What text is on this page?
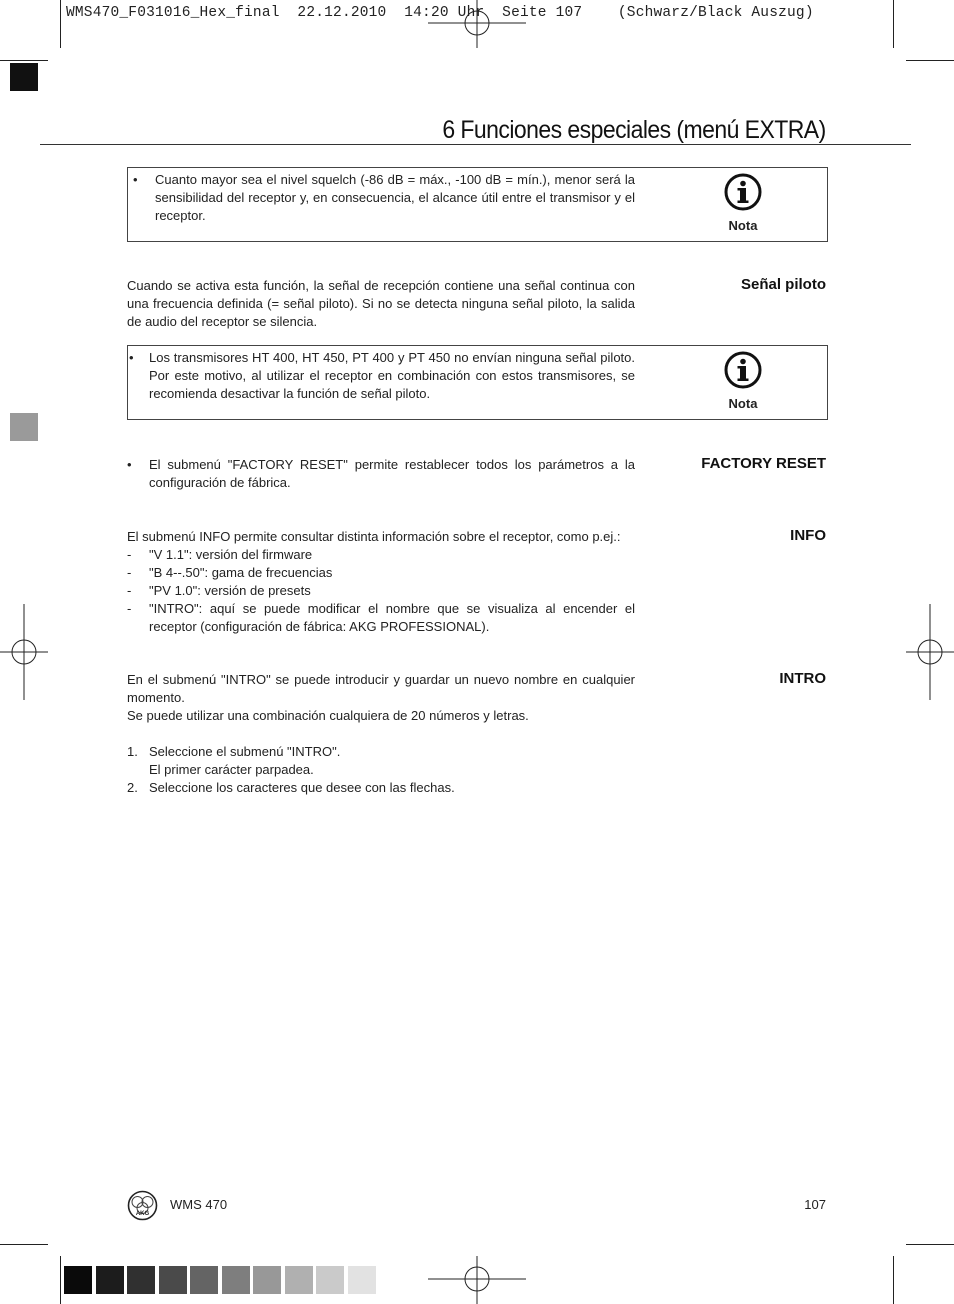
WMS470_F031016_Hex_final  22.12.2010  14:20 Uhr  Seite 107    (Schwarz/Black Auszug)
6 Funciones especiales (menú EXTRA)
• Cuanto mayor sea el nivel squelch (-86 dB = máx., -100 dB = mín.), menor será la sensibilidad del receptor y, en consecuencia, el alcance útil entre el transmisor y el receptor.
Nota
Señal piloto
Cuando se activa esta función, la señal de recepción contiene una señal continua con una frecuencia definida (= señal piloto). Si no se detecta ninguna señal piloto, la salida de audio del receptor se silencia.
• Los transmisores HT 400, HT 450, PT 400 y PT 450 no envían ninguna señal piloto. Por este motivo, al utilizar el receptor en combinación con estos transmisores, se recomienda desactivar la función de señal piloto.
Nota
FACTORY RESET
• El submenú "FACTORY RESET" permite restablecer todos los parámetros a la configuración de fábrica.
INFO
El submenú INFO permite consultar distinta información sobre el receptor, como p.ej.:
- "V 1.1": versión del firmware
- "B 4--.50": gama de frecuencias
- "PV 1.0": versión de presets
- "INTRO": aquí se puede modificar el nombre que se visualiza al encender el receptor (configuración de fábrica: AKG PROFESSIONAL).
INTRO
En el submenú "INTRO" se puede introducir y guardar un nuevo nombre en cualquier momento.
Se puede utilizar una combinación cualquiera de 20 números y letras.
1. Seleccione el submenú "INTRO".
El primer carácter parpadea.
2. Seleccione los caracteres que desee con las flechas.
AKG
WMS 470	107
